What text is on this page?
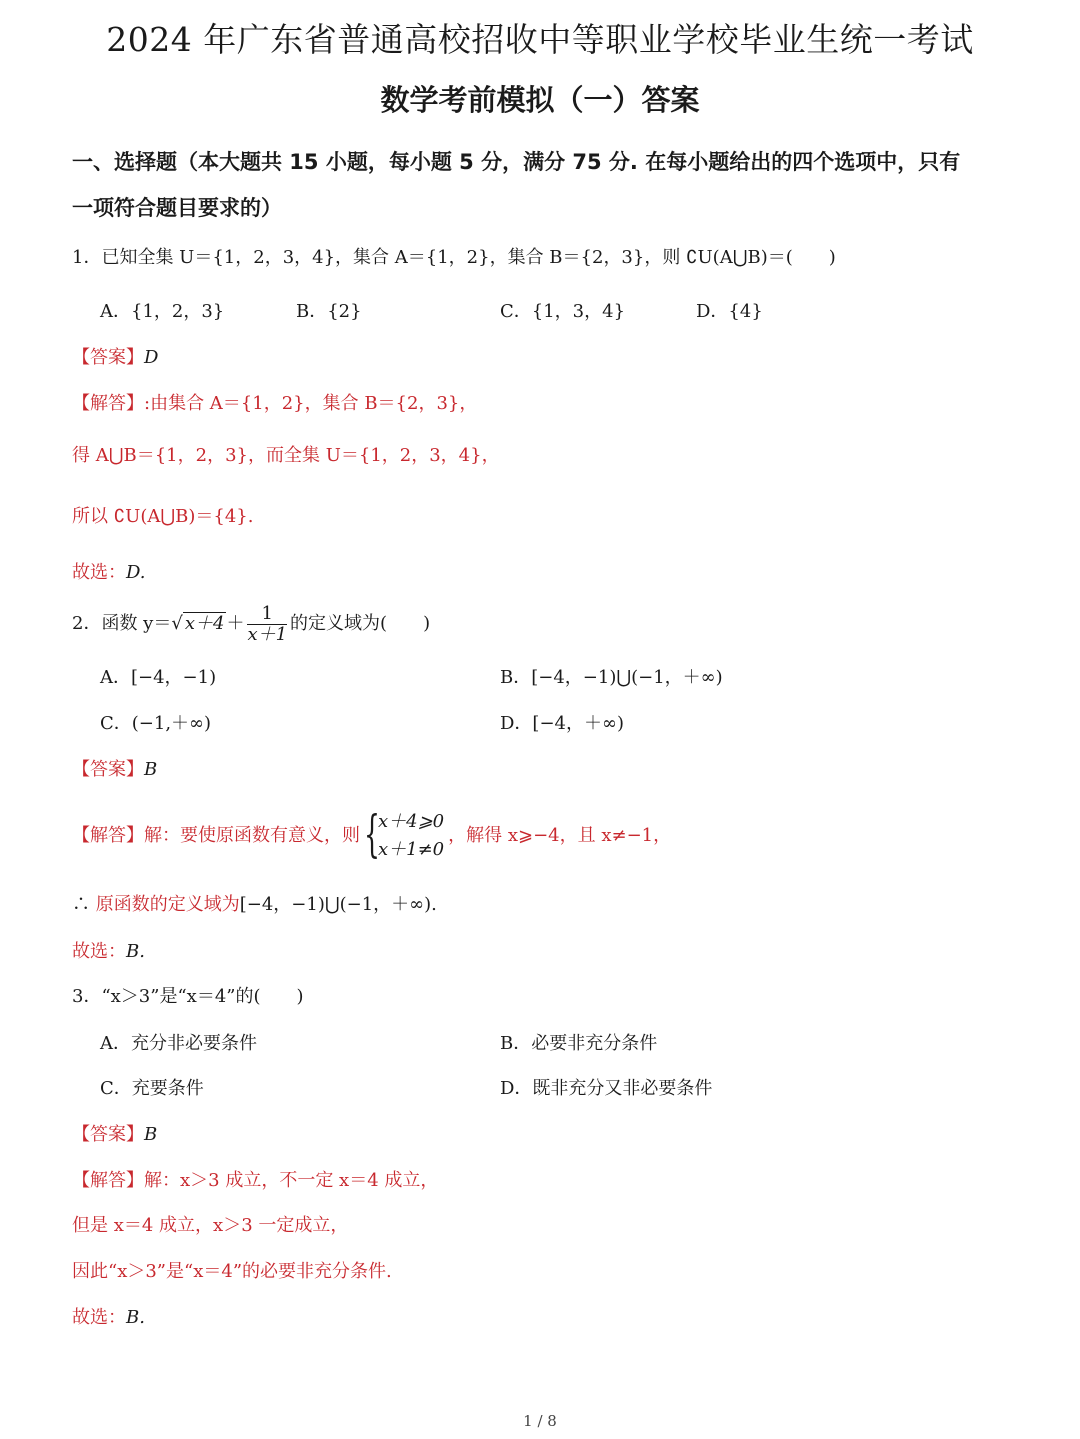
2024 年广东省普通高校招收中等职业学校毕业生统一考试
数学考前模拟（一）答案
一、选择题（本大题共 15 小题，每小题 5 分，满分 75 分. 在每小题给出的四个选项中，只有
一项符合题目要求的）
1．已知全集 U＝{1，2，3，4}，集合 A＝{1，2}，集合 B＝{2，3}，则 ∁U(A⋃B)＝(　　)
A．{1，2，3}	B．{2}	C．{1，3，4}	D．{4}
【答案】D
【解答】:由集合 A＝{1，2}，集合 B＝{2，3}，
得 A⋃B＝{1，2，3}，而全集 U＝{1，2，3，4}，
所以 ∁U(A⋃B)＝{4}.
故选：D.
2．函数 y＝√ $x+4 + \frac{1}{x+1}$ 的定义域为(　　)
A．[−4，−1)	B．[−4，−1)⋃(−1，＋∞)
C．(−1,＋∞)	D．[−4，＋∞)
【答案】B
【解答】解：要使原函数有意义，则 {
x＋4⩾0
x＋1≠0
，解得 x⩾−4，且 x≠−1，
∴ 原函数的定义域为[−4，−1)⋃(−1，＋∞).
故选：B.
3．“x＞3”是“x＝4”的(　　)
A．充分非必要条件	B．必要非充分条件
C．充要条件	D．既非充分又非必要条件
【答案】B
【解答】解：x＞3 成立，不一定 x＝4 成立，
但是 x＝4 成立，x＞3 一定成立，
因此“x＞3”是“x＝4”的必要非充分条件.
故选：B.
1 / 8
